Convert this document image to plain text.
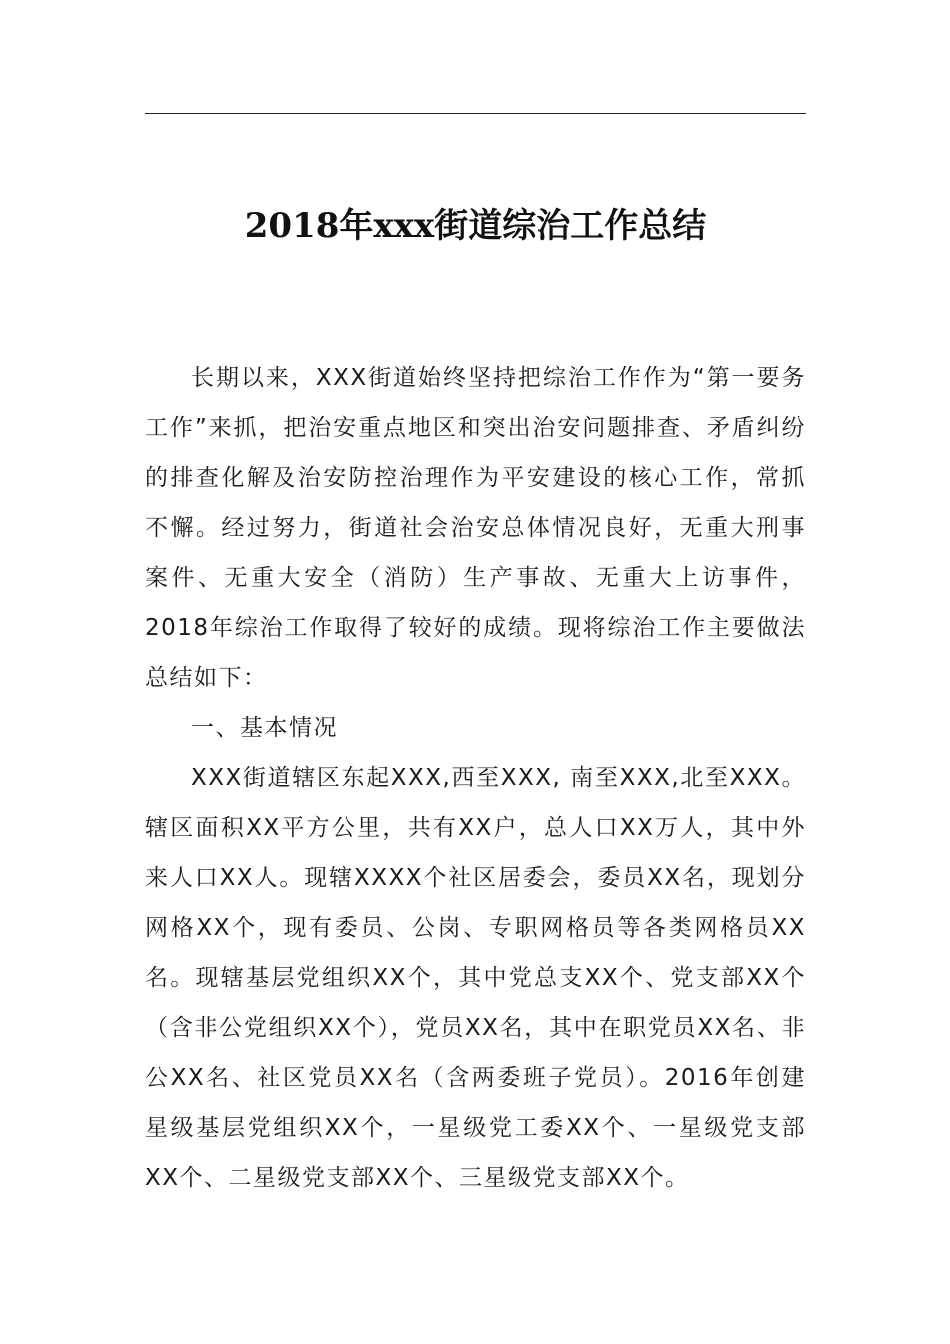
2018年xxx街道综治工作总结

长期以来，XXX街道始终坚持把综治工作作为“第一要务工作”来抓，把治安重点地区和突出治安问题排查、矛盾纠纷的排查化解及治安防控治理作为平安建设的核心工作，常抓不懈。经过努力，街道社会治安总体情况良好，无重大刑事案件、无重大安全（消防）生产事故、无重大上访事件，2018年综治工作取得了较好的成绩。现将综治工作主要做法总结如下：

一、基本情况

XXX街道辖区东起XXX,西至XXX, 南至XXX,北至XXX。辖区面积XX平方公里，共有XX户，总人口XX万人，其中外来人口XX人。现辖XXXX个社区居委会，委员XX名，现划分网格XX个，现有委员、公岗、专职网格员等各类网格员XX名。现辖基层党组织XX个，其中党总支XX个、党支部XX个（含非公党组织XX个），党员XX名，其中在职党员XX名、非公XX名、社区党员XX名（含两委班子党员）。2016年创建星级基层党组织XX个，一星级党工委XX个、一星级党支部XX个、二星级党支部XX个、三星级党支部XX个。
